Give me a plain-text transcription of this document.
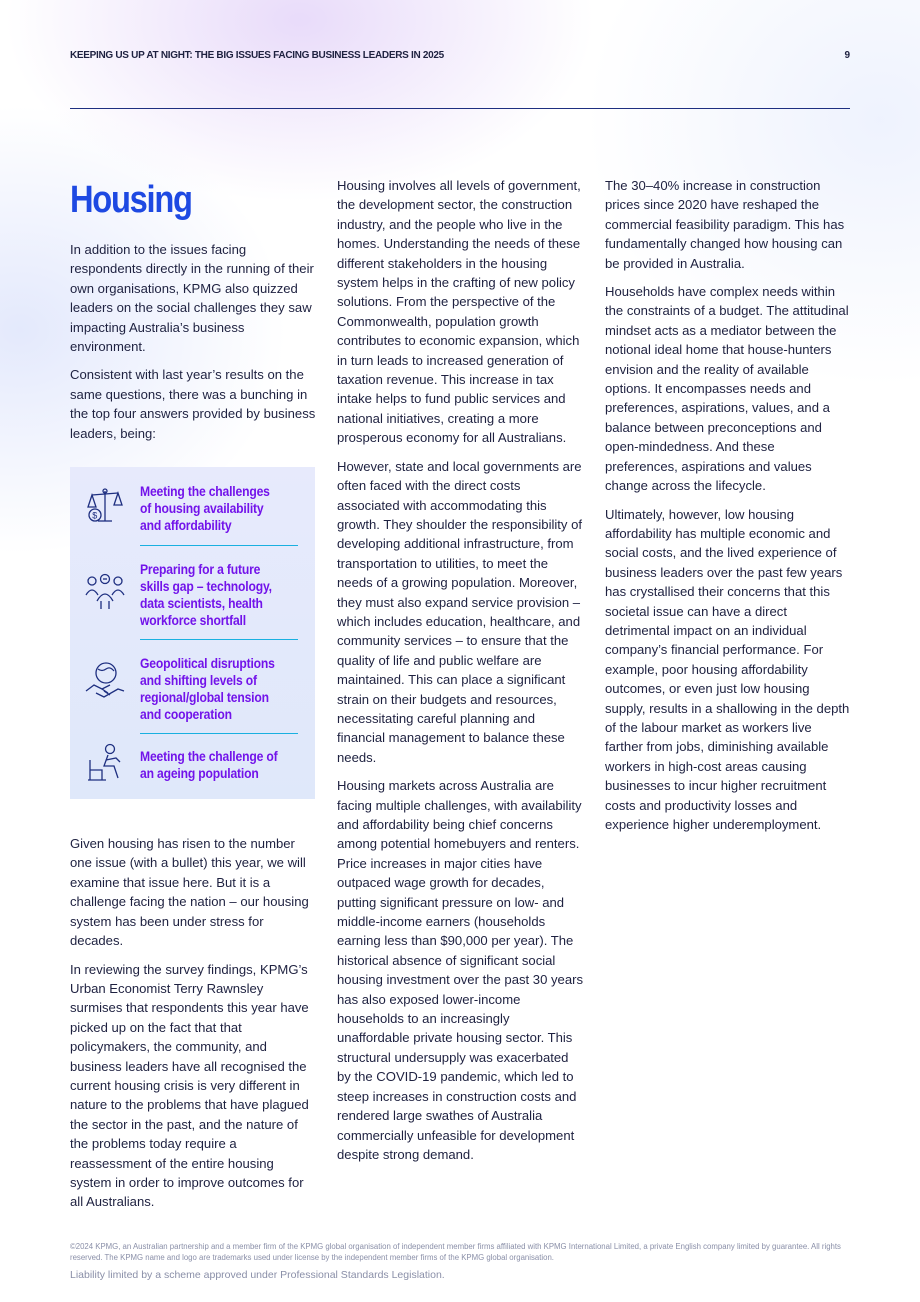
KEEPING US UP AT NIGHT: THE BIG ISSUES FACING BUSINESS LEADERS IN 2025	9
Housing

In addition to the issues facing respondents directly in the running of their own organisations, KPMG also quizzed leaders on the social challenges they saw impacting Australia’s business environment.

Consistent with last year’s results on the same questions, there was a bunching in the top four answers provided by business leaders, being:

Given housing has risen to the number one issue (with a bullet) this year, we will examine that issue here. But it is a challenge facing the nation – our housing system has been under stress for decades.

In reviewing the survey findings, KPMG’s Urban Economist Terry Rawnsley surmises that respondents this year have picked up on the fact that that policymakers, the community, and business leaders have all recognised the current housing crisis is very different in nature to the problems that have plagued the sector in the past, and the nature of the problems today require a reassessment of the entire housing system in order to improve outcomes for all Australians.

$
Meeting the challenges of housing availability and affordability
Preparing for a future skills gap – technology, data scientists, health workforce shortfall
Geopolitical disruptions and shifting levels of regional/global tension and cooperation
Meeting the challenge of an ageing population

Housing involves all levels of government, the development sector, the construction industry, and the people who live in the homes. Understanding the needs of these different stakeholders in the housing system helps in the crafting of new policy solutions. From the perspective of the Commonwealth, population growth contributes to economic expansion, which in turn leads to increased generation of taxation revenue. This increase in tax intake helps to fund public services and national initiatives, creating a more prosperous economy for all Australians.

However, state and local governments are often faced with the direct costs associated with accommodating this growth. They shoulder the responsibility of developing additional infrastructure, from transportation to utilities, to meet the needs of a growing population. Moreover, they must also expand service provision – which includes education, healthcare, and community services – to ensure that the quality of life and public welfare are maintained. This can place a significant strain on their budgets and resources, necessitating careful planning and financial management to balance these needs.

Housing markets across Australia are facing multiple challenges, with availability and affordability being chief concerns among potential homebuyers and renters. Price increases in major cities have outpaced wage growth for decades, putting significant pressure on low- and middle-income earners (households earning less than $90,000 per year). The historical absence of significant social housing investment over the past 30 years has also exposed lower-income households to an increasingly unaffordable private housing sector. This structural undersupply was exacerbated by the COVID-19 pandemic, which led to steep increases in construction costs and rendered large swathes of Australia commercially unfeasible for development despite strong demand.

The 30–40% increase in construction prices since 2020 have reshaped the commercial feasibility paradigm. This has fundamentally changed how housing can be provided in Australia.

Households have complex needs within the constraints of a budget. The attitudinal mindset acts as a mediator between the notional ideal home that house-hunters envision and the reality of available options. It encompasses needs and preferences, aspirations, values, and a balance between preconceptions and open-mindedness. And these preferences, aspirations and values change across the lifecycle.

Ultimately, however, low housing affordability has multiple economic and social costs, and the lived experience of business leaders over the past few years has crystallised their concerns that this societal issue can have a direct detrimental impact on an individual company’s financial performance. For example, poor housing affordability outcomes, or even just low housing supply, results in a shallowing in the depth of the labour market as workers live farther from jobs, diminishing available workers in high-cost areas causing businesses to incur higher recruitment costs and productivity losses and experience higher underemployment.

©2024 KPMG, an Australian partnership and a member firm of the KPMG global organisation of independent member firms affiliated with KPMG International Limited, a private English company limited by guarantee. All rights reserved. The KPMG name and logo are trademarks used under license by the independent member firms of the KPMG global organisation.
Liability limited by a scheme approved under Professional Standards Legislation.
